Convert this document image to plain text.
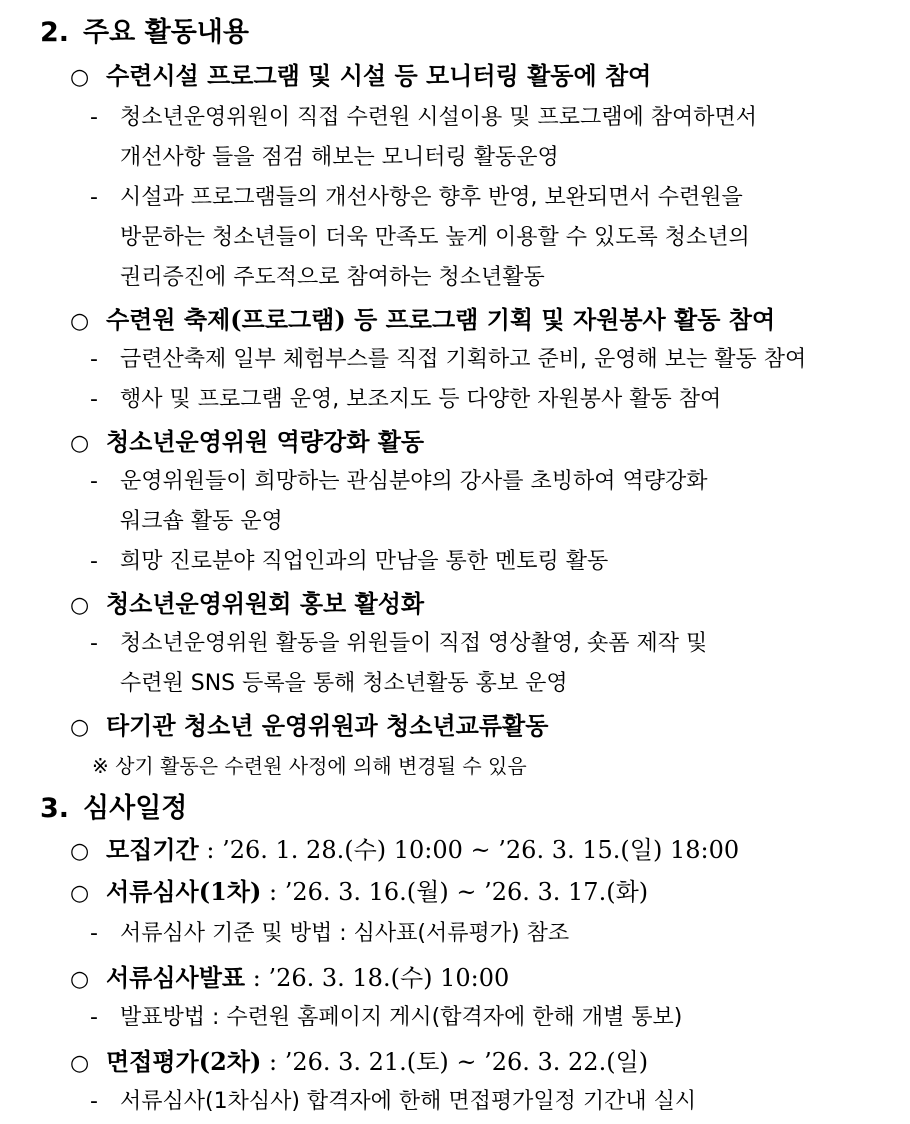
2. 주요 활동내용
○ 수련시설 프로그램 및 시설 등 모니터링 활동에 참여
- 청소년운영위원이 직접 수련원 시설이용 및 프로그램에 참여하면서
개선사항 들을 점검 해보는 모니터링 활동운영
- 시설과 프로그램들의 개선사항은 향후 반영, 보완되면서 수련원을
방문하는 청소년들이 더욱 만족도 높게 이용할 수 있도록 청소년의
권리증진에 주도적으로 참여하는 청소년활동
○ 수련원 축제(프로그램) 등 프로그램 기획 및 자원봉사 활동 참여
- 금련산축제 일부 체험부스를 직접 기획하고 준비, 운영해 보는 활동 참여
- 행사 및 프로그램 운영, 보조지도 등 다양한 자원봉사 활동 참여
○ 청소년운영위원 역량강화 활동
- 운영위원들이 희망하는 관심분야의 강사를 초빙하여 역량강화
워크숍 활동 운영
- 희망 진로분야 직업인과의 만남을 통한 멘토링 활동
○ 청소년운영위원회 홍보 활성화
- 청소년운영위원 활동을 위원들이 직접 영상촬영, 숏폼 제작 및
수련원 SNS 등록을 통해 청소년활동 홍보 운영
○ 타기관 청소년 운영위원과 청소년교류활동
※ 상기 활동은 수련원 사정에 의해 변경될 수 있음
3. 심사일정
○ 모집기간 : ’26. 1. 28.(수) 10:00 ~ ’26. 3. 15.(일) 18:00
○ 서류심사(1차) : ’26. 3. 16.(월) ~ ’26. 3. 17.(화)
- 서류심사 기준 및 방법 : 심사표(서류평가) 참조
○ 서류심사발표 : ’26. 3. 18.(수) 10:00
- 발표방법 : 수련원 홈페이지 게시(합격자에 한해 개별 통보)
○ 면접평가(2차) : ’26. 3. 21.(토) ~ ’26. 3. 22.(일)
- 서류심사(1차심사) 합격자에 한해 면접평가일정 기간내 실시
